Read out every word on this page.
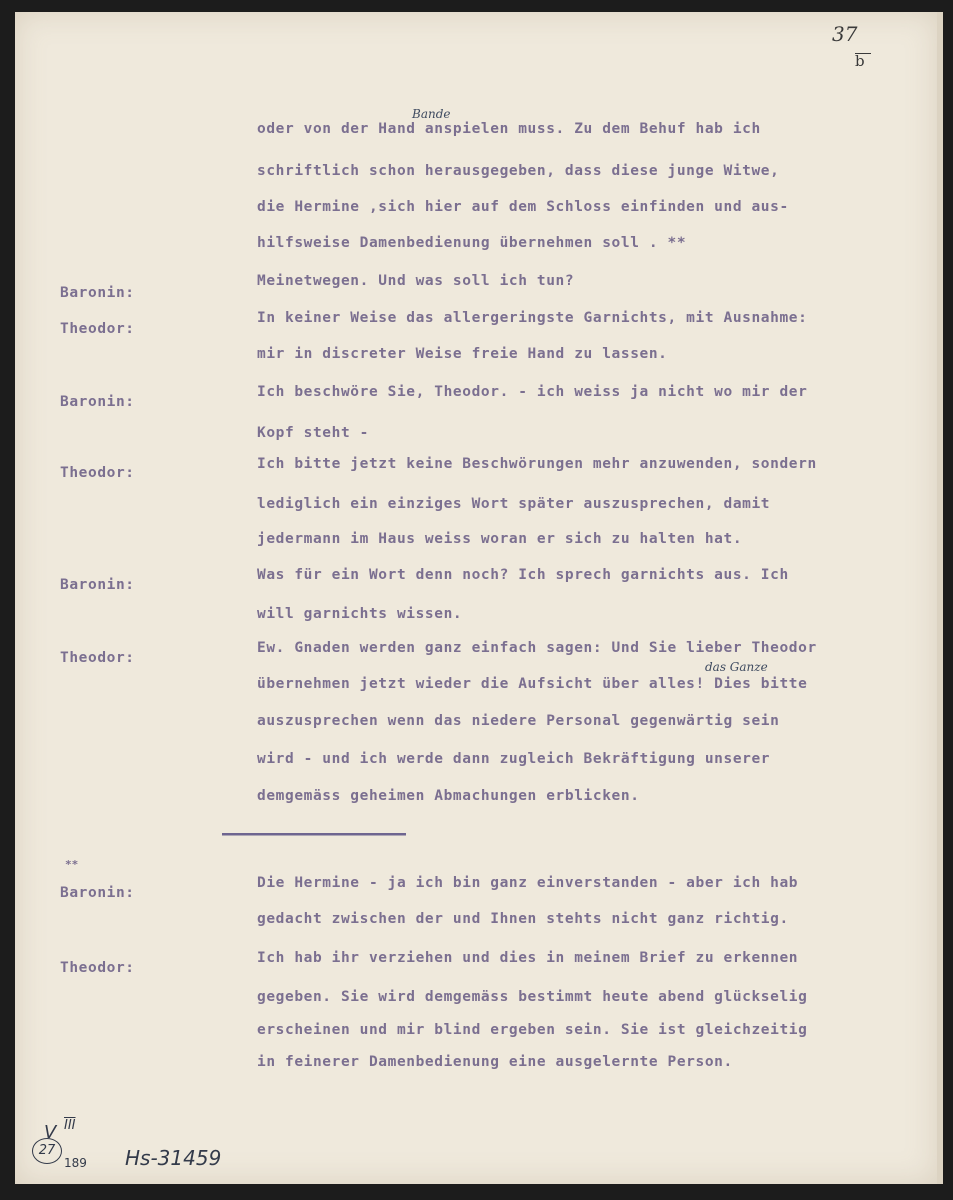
37
b
Bande
oder von der Hand anspielen muss. Zu dem Behuf hab ich
schriftlich schon herausgegeben, dass diese junge Witwe,
die Hermine ,sich hier auf dem Schloss einfinden und aus-
hilfsweise Damenbedienung übernehmen soll . **
Baronin:
Meinetwegen. Und was soll ich tun?
Theodor:
In keiner Weise das allergeringste Garnichts, mit Ausnahme:
mir in discreter Weise freie Hand zu lassen.
Baronin:
Ich beschwöre Sie, Theodor. - ich weiss ja nicht wo mir der
Kopf steht -
Theodor:
Ich bitte jetzt keine Beschwörungen mehr anzuwenden, sondern
lediglich ein einziges Wort später auszusprechen, damit
jedermann im Haus weiss woran er sich zu halten hat.
Baronin:
Was für ein Wort denn noch? Ich sprech garnichts aus. Ich
will garnichts wissen.
Theodor:
Ew. Gnaden werden ganz einfach sagen: Und Sie lieber Theodor
das Ganze
übernehmen jetzt wieder die Aufsicht über alles! Dies bitte
auszusprechen wenn das niedere Personal gegenwärtig sein
wird - und ich werde dann zugleich Bekräftigung unserer
demgemäss geheimen Abmachungen erblicken.
**
Baronin:
Die Hermine - ja ich bin ganz einverstanden - aber ich hab
gedacht zwischen der und Ihnen stehts nicht ganz richtig.
Theodor:
Ich hab ihr verziehen und dies in meinem Brief zu erkennen
gegeben. Sie wird demgemäss bestimmt heute abend glückselig
erscheinen und mir blind ergeben sein. Sie ist gleichzeitig
in feinerer Damenbedienung eine ausgelernte Person.
V $\overline{III}$
27
189 Hs-31459
